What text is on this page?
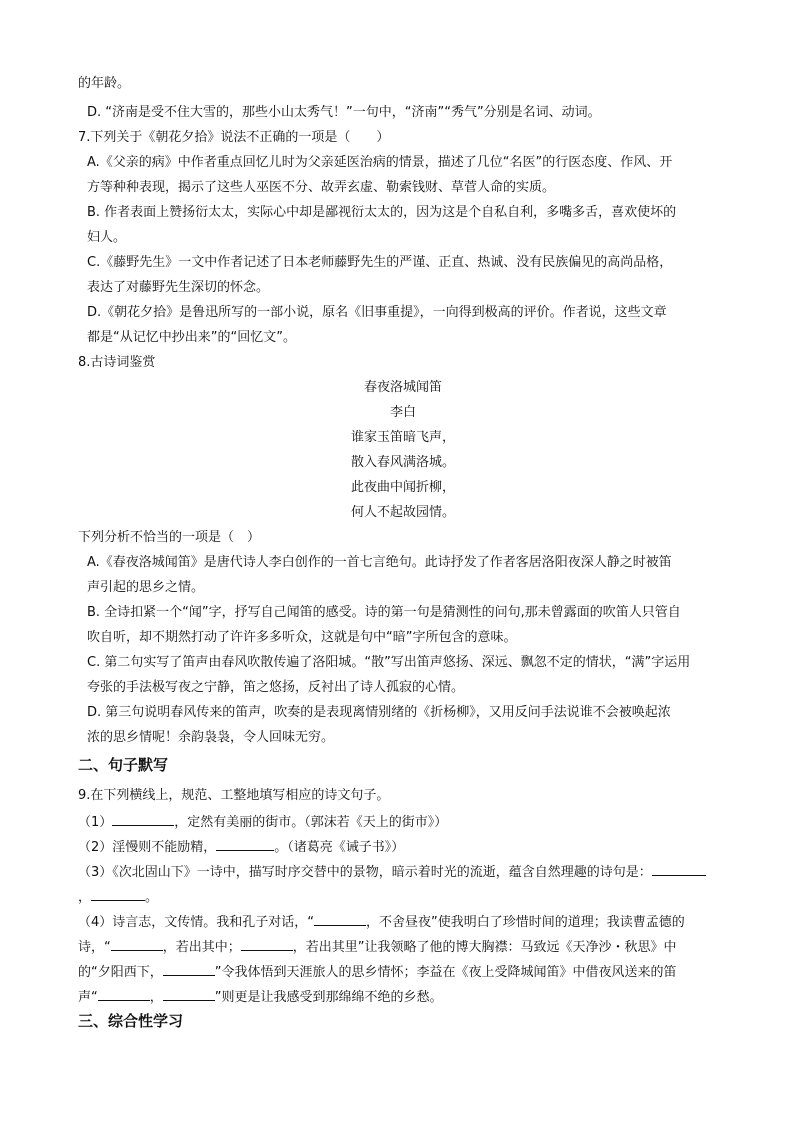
的年龄。
D. “济南是受不住大雪的，那些小山太秀气！”一句中，“济南”“秀气”分别是名词、动词。
7.下列关于《朝花夕拾》说法不正确的一项是（　　）
A.《父亲的病》中作者重点回忆儿时为父亲延医治病的情景，描述了几位“名医”的行医态度、作风、开
方等种种表现，揭示了这些人巫医不分、故弄玄虚、勒索钱财、草菅人命的实质。
B. 作者表面上赞扬衍太太，实际心中却是鄙视衍太太的，因为这是个自私自利，多嘴多舌，喜欢使坏的
妇人。
C.《藤野先生》一文中作者记述了日本老师藤野先生的严谨、正直、热诚、没有民族偏见的高尚品格，
表达了对藤野先生深切的怀念。
D.《朝花夕拾》是鲁迅所写的一部小说，原名《旧事重提》，一向得到极高的评价。作者说，这些文章
都是“从记忆中抄出来”的“回忆文”。
8.古诗词鉴赏
春夜洛城闻笛
李白
谁家玉笛暗飞声，
散入春风满洛城。
此夜曲中闻折柳，
何人不起故园情。
下列分析不恰当的一项是（　）
A.《春夜洛城闻笛》是唐代诗人李白创作的一首七言绝句。此诗抒发了作者客居洛阳夜深人静之时被笛
声引起的思乡之情。
B. 全诗扣紧一个“闻”字，抒写自己闻笛的感受。诗的第一句是猜测性的问句,那未曾露面的吹笛人只管自
吹自听，却不期然打动了许许多多听众，这就是句中“暗”字所包含的意味。
C. 第二句实写了笛声由春风吹散传遍了洛阳城。“散”写出笛声悠扬、深远、飘忽不定的情状，“满”字运用
夸张的手法极写夜之宁静，笛之悠扬，反衬出了诗人孤寂的心情。
D. 第三句说明春风传来的笛声，吹奏的是表现离情别绪的《折杨柳》，又用反问手法说谁不会被唤起浓
浓的思乡情呢！余韵袅袅，令人回味无穷。
二、句子默写
9.在下列横线上，规范、工整地填写相应的诗文句子。
（1）	，定然有美丽的街市。（郭沫若《天上的街市》）
（2）淫慢则不能励精，	。（诸葛亮《诫子书》）
（3）《次北固山下》一诗中，描写时序交替中的景物，暗示着时光的流逝，蕴含自然理趣的诗句是：
，	。
（4）诗言志，文传情。我和孔子对话，“	，不舍昼夜”使我明白了珍惜时间的道理；我读曹孟德的
诗，“	，若出其中；	，若出其里”让我领略了他的博大胸襟：马致远《天净沙・秋思》中
的“夕阳西下，	”令我体悟到天涯旅人的思乡情怀；李益在《夜上受降城闻笛》中借夜风送来的笛
声“	，	”则更是让我感受到那绵绵不绝的乡愁。
三、综合性学习
